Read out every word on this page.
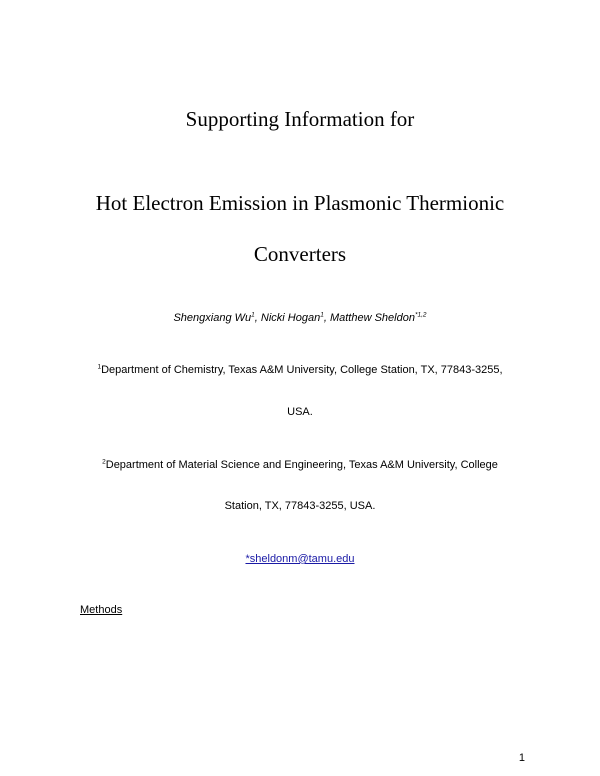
Supporting Information for
Hot Electron Emission in Plasmonic Thermionic
Converters
Shengxiang Wu$^1$, Nicki Hogan$^1$, Matthew Sheldon$^{*1,2}$
$^1$Department of Chemistry, Texas A&M University, College Station, TX, 77843-3255,
USA.
$^2$Department of Material Science and Engineering, Texas A&M University, College
Station, TX, 77843-3255, USA.
*sheldonm@tamu.edu
Methods
1
